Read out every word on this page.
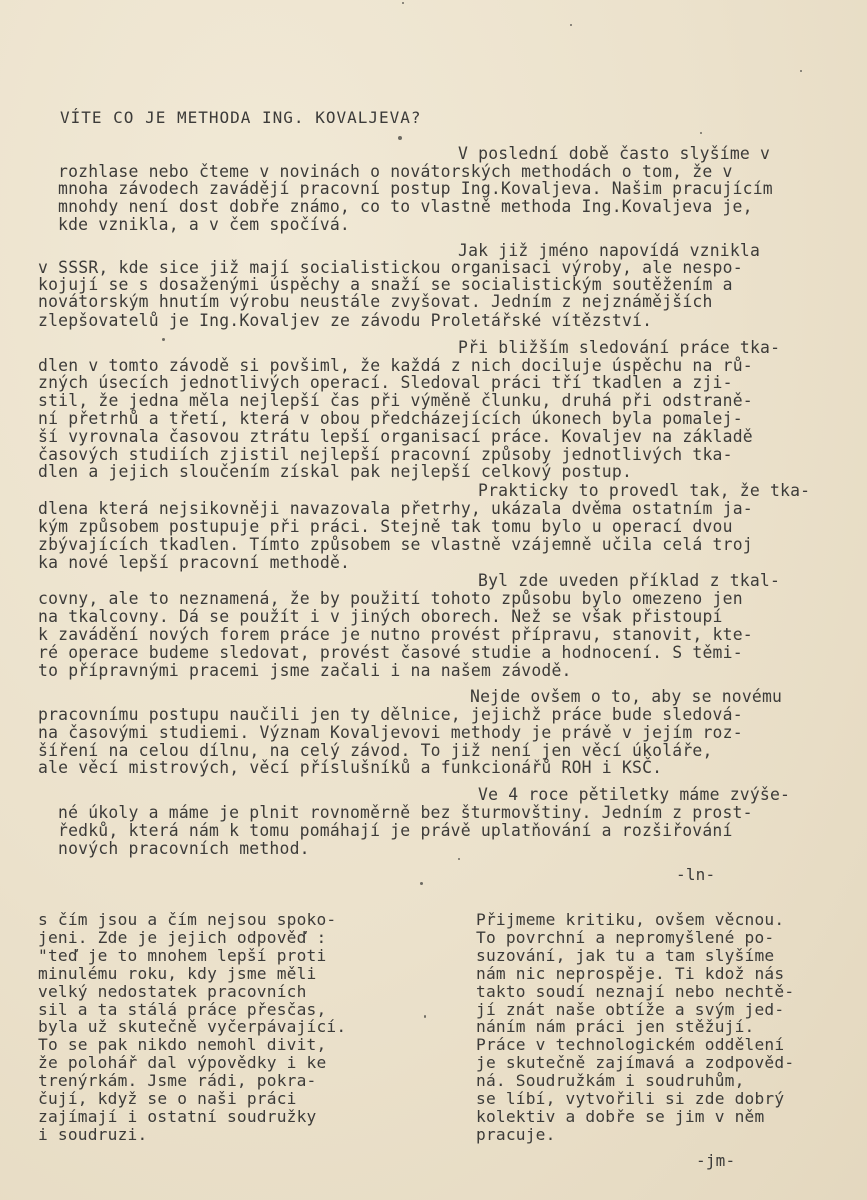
VÍTE CO JE METHODA ING. KOVALJEVA?
V poslední době často slyšíme v
rozhlase nebo čteme v novinách o novátorských methodách o tom, že v
mnoha závodech zavádějí pracovní postup Ing.Kovaljeva. Našim pracujícím
mnohdy není dost dobře známo, co to vlastně methoda Ing.Kovaljeva je,
kde vznikla, a v čem spočívá.
Jak již jméno napovídá vznikla
v SSSR, kde sice již mají socialistickou organisaci výroby, ale nespo-
kojují se s dosaženými úspěchy a snaží se socialistickým soutěžením a
novátorským hnutím výrobu neustále zvyšovat. Jedním z nejznámějších
zlepšovatelů je Ing.Kovaljev ze závodu Proletářské vítězství.
Při bližším sledování práce tka-
dlen v tomto závodě si povšiml, že každá z nich dociluje úspěchu na rů-
zných úsecích jednotlivých operací. Sledoval práci tří tkadlen a zji-
stil, že jedna měla nejlepší čas při výměně člunku, druhá při odstraně-
ní přetrhů a třetí, která v obou předcházejících úkonech byla pomalej-
ší vyrovnala časovou ztrátu lepší organisací práce. Kovaljev na základě
časových studiích zjistil nejlepší pracovní způsoby jednotlivých tka-
dlen a jejich sloučením získal pak nejlepší celkový postup.
Prakticky to provedl tak, že tka-
dlena která nejsikovněji navazovala přetrhy, ukázala dvěma ostatním ja-
kým způsobem postupuje při práci. Stejně tak tomu bylo u operací dvou
zbývajících tkadlen. Tímto způsobem se vlastně vzájemně učila celá troj
ka nové lepší pracovní methodě.
Byl zde uveden příklad z tkal-
covny, ale to neznamená, že by použití tohoto způsobu bylo omezeno jen
na tkalcovny. Dá se použít i v jiných oborech. Než se však přistoupí
k zavádění nových forem práce je nutno provést přípravu, stanovit, kte-
ré operace budeme sledovat, provést časové studie a hodnocení. S těmi-
to přípravnými pracemi jsme začali i na našem závodě.
Nejde ovšem o to, aby se novému
pracovnímu postupu naučili jen ty dělnice, jejichž práce bude sledová-
na časovými studiemi. Význam Kovaljevovi methody je právě v jejím roz-
šíření na celou dílnu, na celý závod. To již není jen věcí úkoláře,
ale věcí mistrových, věcí příslušníků a funkcionářů ROH i KSČ.
Ve 4 roce pětiletky máme zvýše-
né úkoly a máme je plnit rovnoměrně bez šturmovštiny. Jedním z prost-
ředků, která nám k tomu pomáhají je právě uplatňování a rozšiřování
nových pracovních method.
-ln-
s čím jsou a čím nejsou spoko-
jeni. Zde je jejich odpověď :
"teď je to mnohem lepší proti
minulému roku, kdy jsme měli
velký nedostatek pracovních
sil a ta stálá práce přesčas,
byla už skutečně vyčerpávající.
To se pak nikdo nemohl divit,
že polohář dal výpovědky i ke
trenýrkám. Jsme rádi, pokra-
čují, když se o naši práci
zajímají i ostatní soudružky
i soudruzi.
Přijmeme kritiku, ovšem věcnou.
To povrchní a nepromyšlené po-
suzování, jak tu a tam slyšíme
nám nic neprospěje. Ti kdož nás
takto soudí neznají nebo nechtě-
jí znát naše obtíže a svým jed-
náním nám práci jen stěžují.
Práce v technologickém oddělení
je skutečně zajímavá a zodpověd-
ná. Soudružkám i soudruhům,
se líbí, vytvořili si zde dobrý
kolektiv a dobře se jim v něm
pracuje.
-jm-
